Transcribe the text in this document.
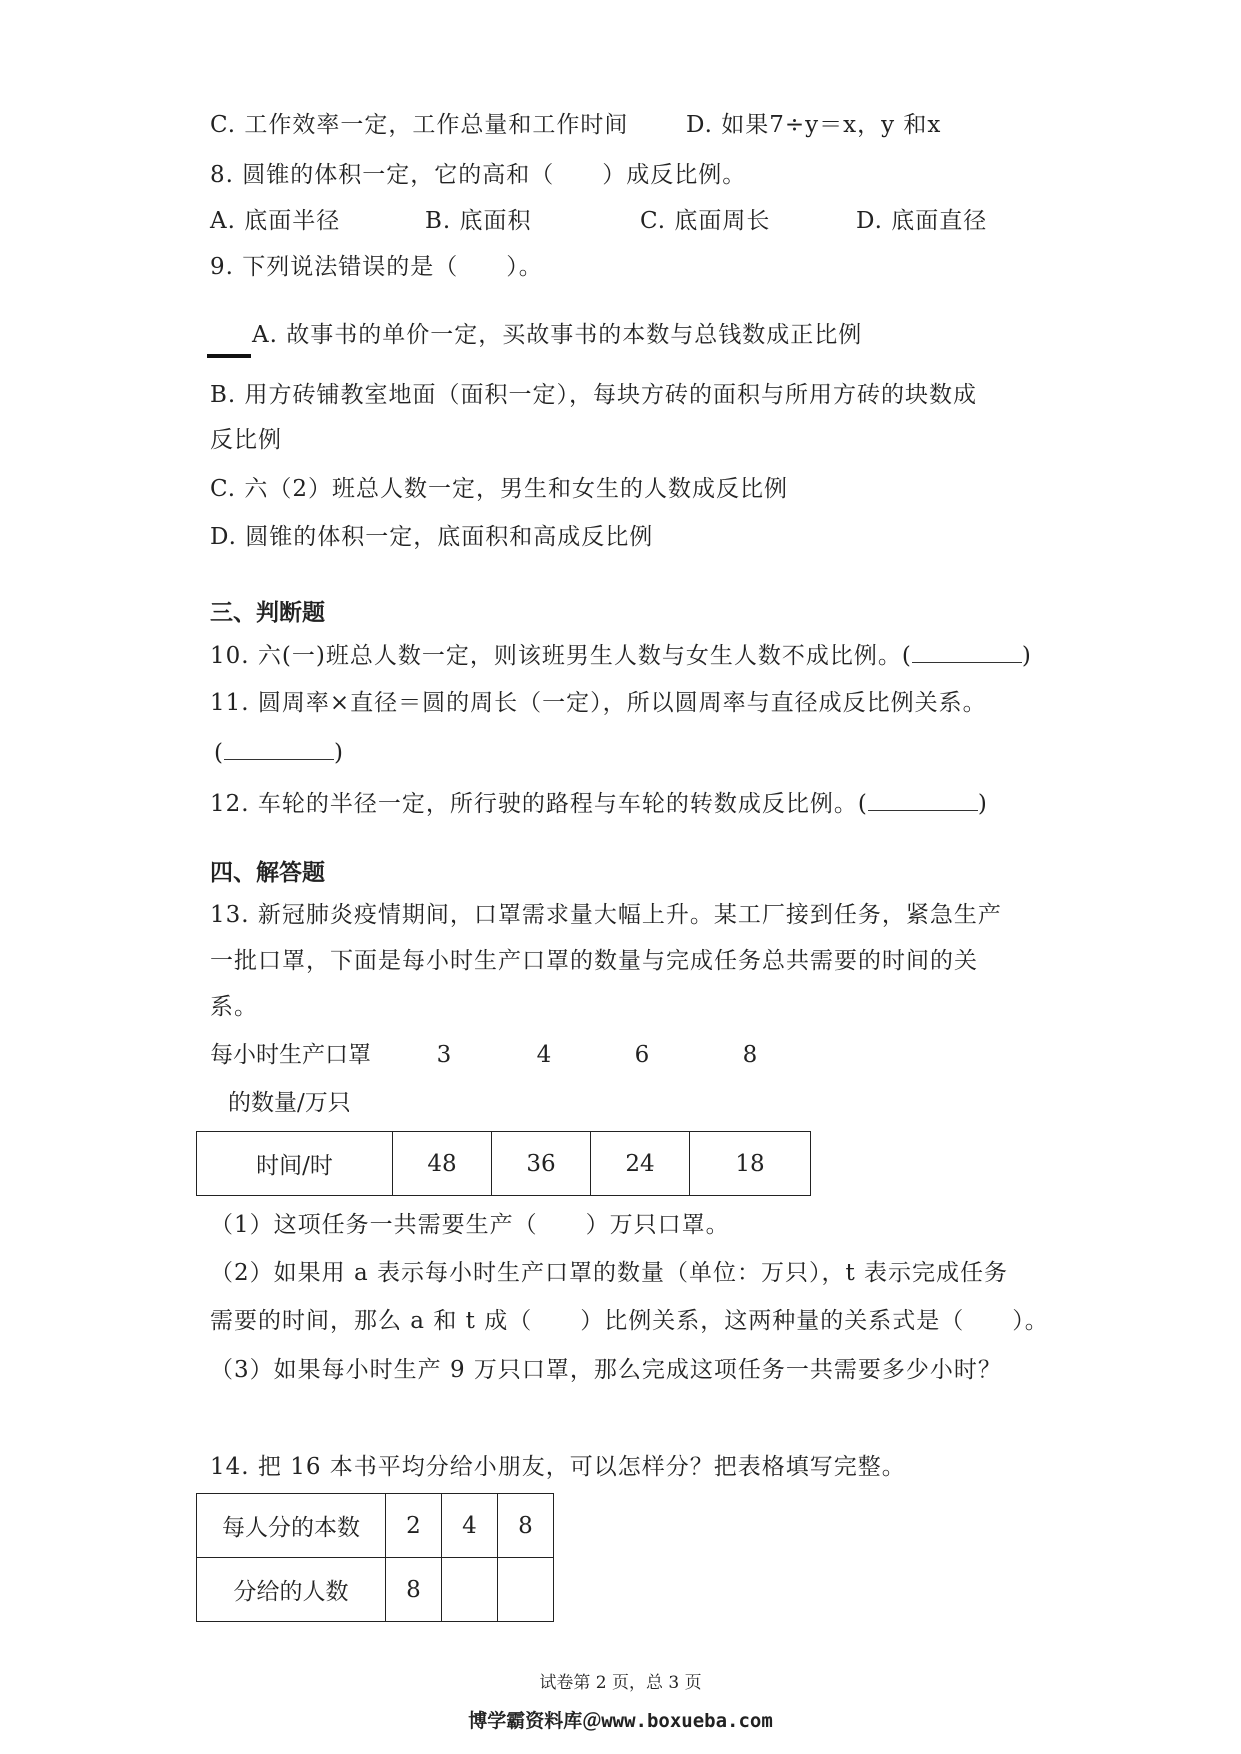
C. 工作效率一定，工作总量和工作时间	D. 如果7÷y＝x，y 和x
8. 圆锥的体积一定，它的高和（　　）成反比例。
A. 底面半径	B. 底面积	C. 底面周长	D. 底面直径
9. 下列说法错误的是（　　）。
A. 故事书的单价一定，买故事书的本数与总钱数成正比例
B. 用方砖铺教室地面（面积一定），每块方砖的面积与所用方砖的块数成
反比例
C. 六（2）班总人数一定，男生和女生的人数成反比例
D. 圆锥的体积一定，底面积和高成反比例
三、判断题
10. 六(一)班总人数一定，则该班男生人数与女生人数不成比例。(	)
11. 圆周率×直径＝圆的周长（一定），所以圆周率与直径成反比例关系。
(	)
12. 车轮的半径一定，所行驶的路程与车轮的转数成反比例。(	)
四、解答题
13. 新冠肺炎疫情期间，口罩需求量大幅上升。某工厂接到任务，紧急生产
一批口罩，下面是每小时生产口罩的数量与完成任务总共需要的时间的关
系。
每小时生产口罩
的数量/万只
3	4	6	8
时间/时	48	36	24	18
（1）这项任务一共需要生产（　　）万只口罩。
（2）如果用 a 表示每小时生产口罩的数量（单位：万只），t 表示完成任务
需要的时间，那么 a 和 t 成（　　）比例关系，这两种量的关系式是（　　）。
（3）如果每小时生产 9 万只口罩，那么完成这项任务一共需要多少小时？
14. 把 16 本书平均分给小朋友，可以怎样分？把表格填写完整。
每人分的本数	2	4	8
分给的人数	8		
试卷第 2 页，总 3 页
博学霸资料库＠www.boxueba.com
